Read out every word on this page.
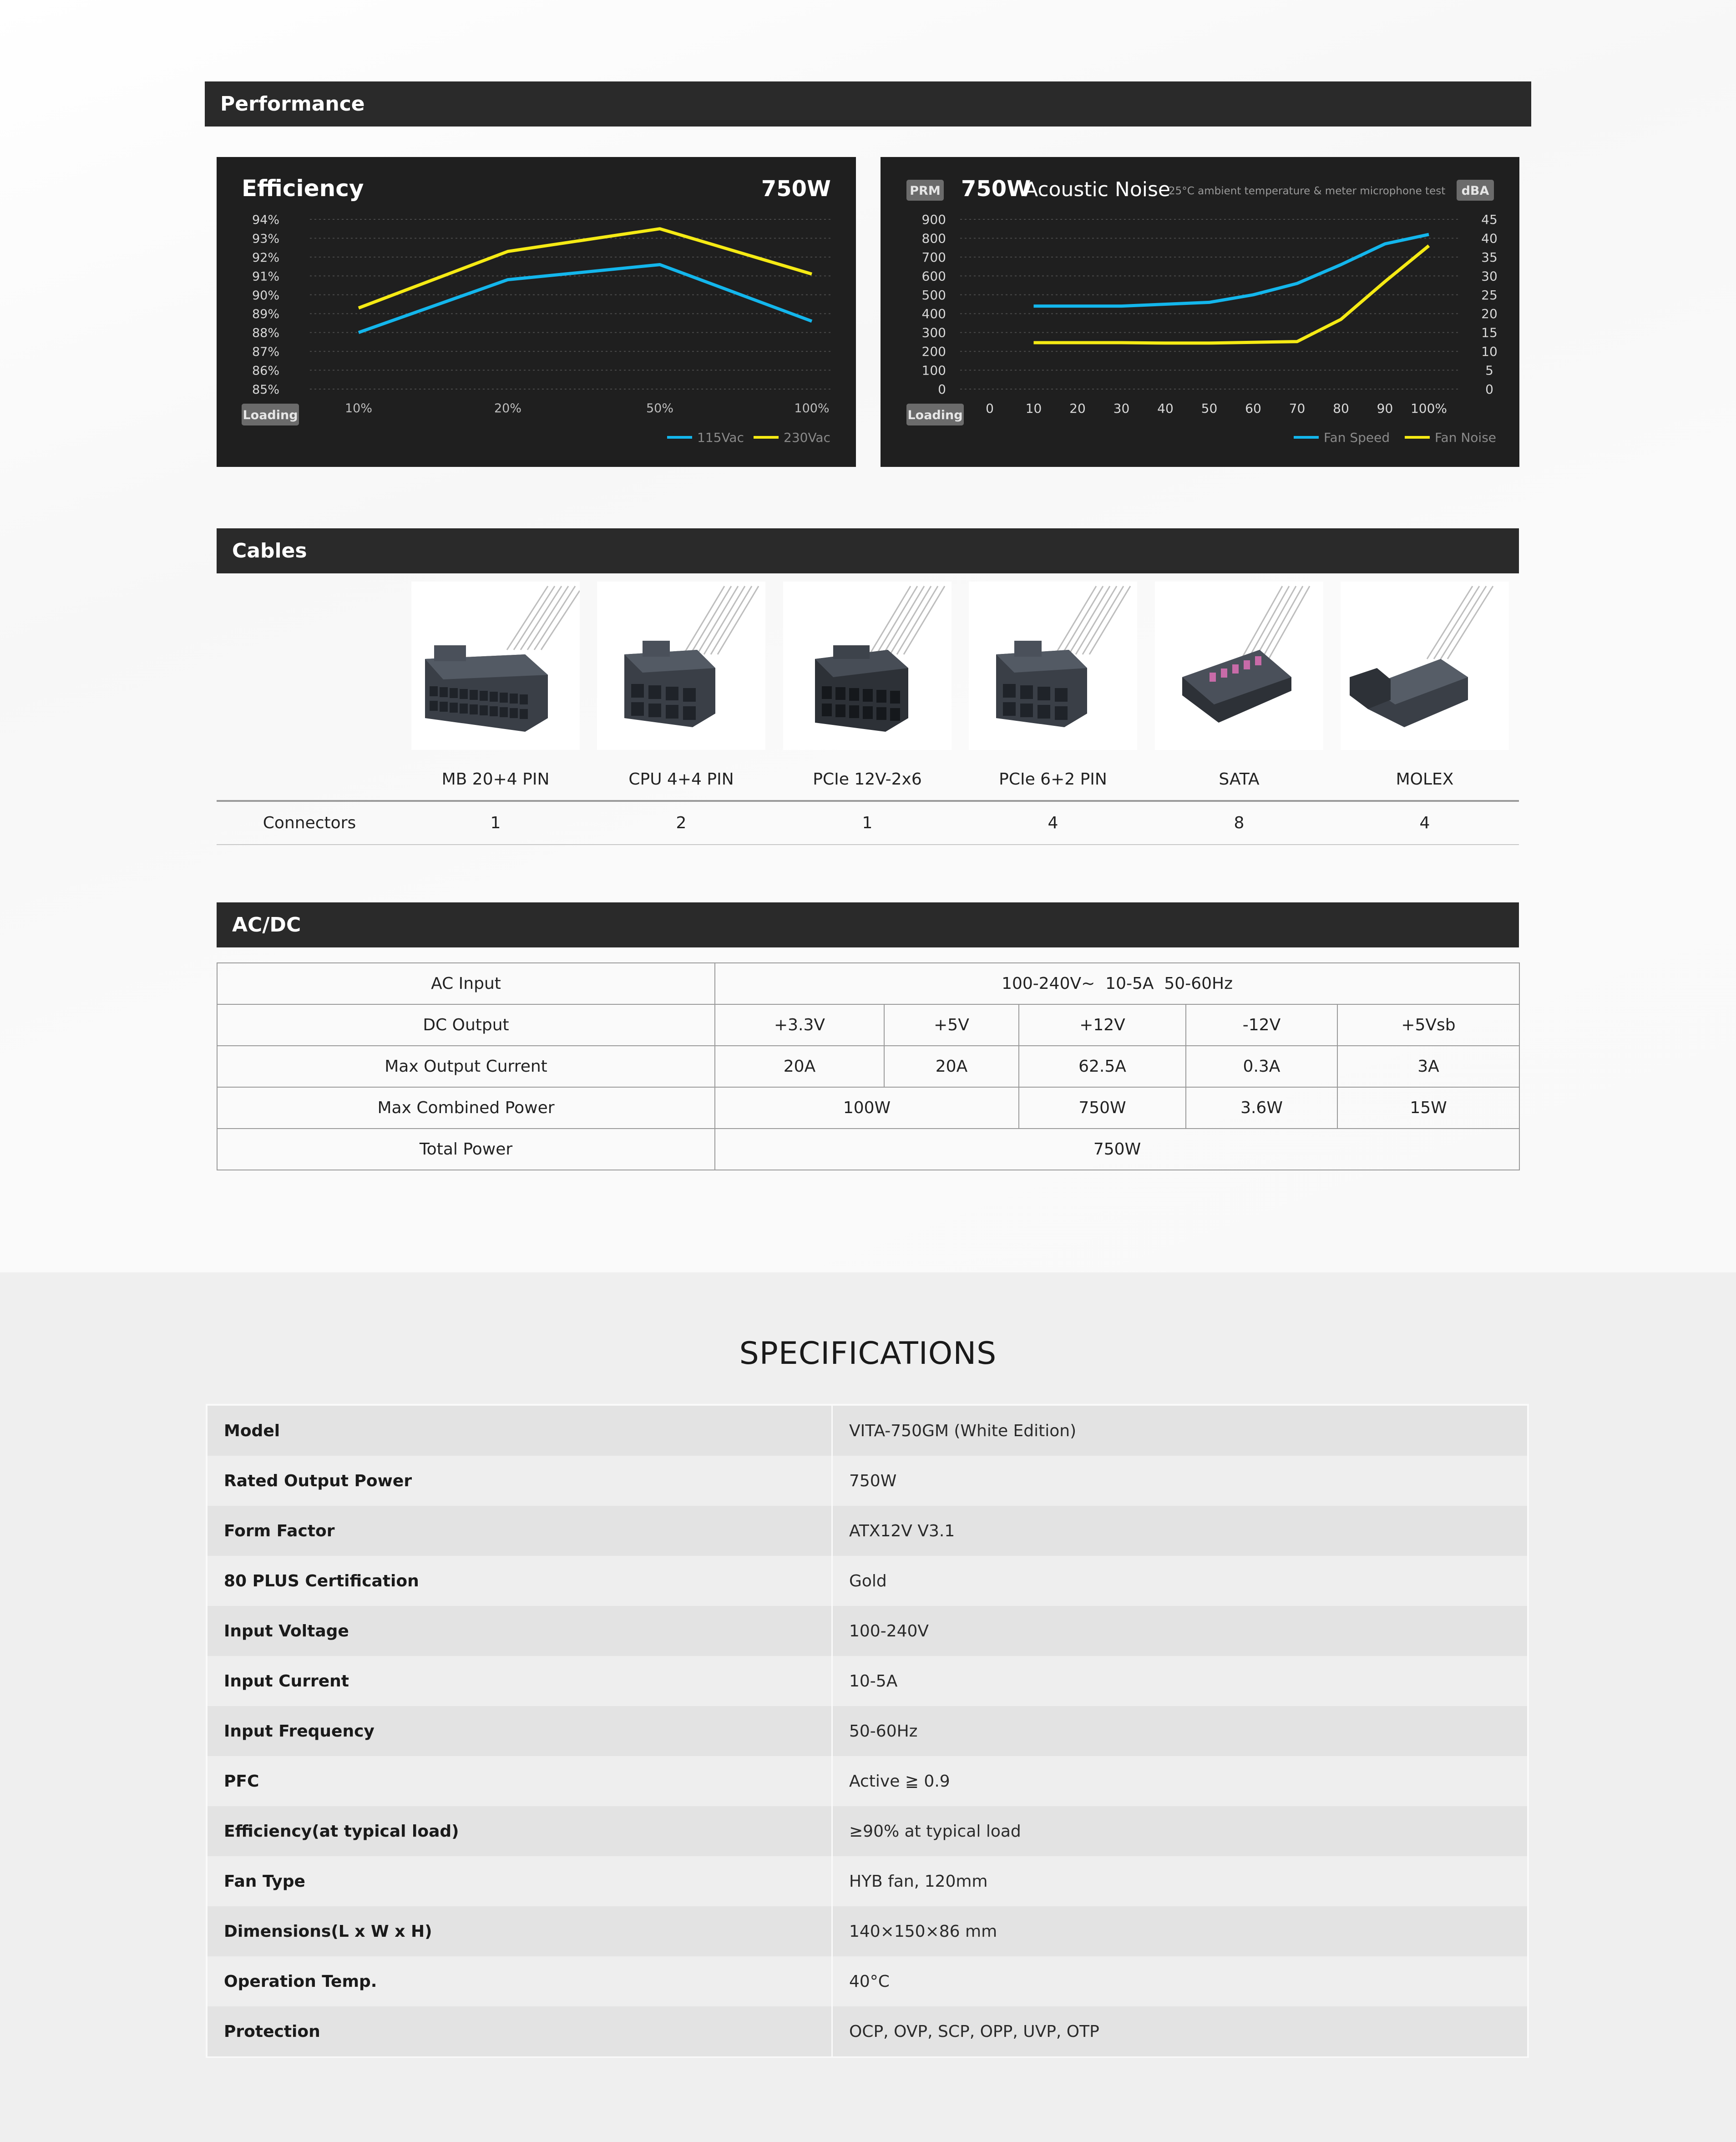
Performance
Efficiency	750W
94%
93%
92%
91%
90%
89%
88%
87%
86%
85%
10%	20%	50%	100%
Loading
115Vac	230Vac
PRM 750W
Acoustic Noise
25°C ambient temperature & meter microphone test dBA
900
800
700
600
500
400
300
200
100
0
45
40
35
30
25
20
15
10
5
0
0 10 20 30 40 50 60 70 80 90 100%
Loading
Fan Speed	Fan Noise
Cables
MB 20+4 PIN	CPU 4+4 PIN	PCIe 12V-2x6	PCIe 6+2 PIN	SATA	MOLEX
Connectors	1	2	1	4	8	4
AC/DC
AC Input	100-240V~  10-5A  50-60Hz				
DC Output	+3.3V	+5V	+12V	-12V	+5Vsb
Max Output Current	20A	20A	62.5A	0.3A	3A
Max Combined Power	100W		750W	3.6W	15W
Total Power	750W				
SPECIFICATIONS
Model	VITA-750GM (White Edition)
Rated Output Power	750W
Form Factor	ATX12V V3.1
80 PLUS Certification	Gold
Input Voltage	100-240V
Input Current	10-5A
Input Frequency	50-60Hz
PFC	Active ≧ 0.9
Efficiency(at typical load)	≥90% at typical load
Fan Type	HYB fan, 120mm
Dimensions(L x W x H)	140×150×86 mm
Operation Temp.	40°C
Protection	OCP, OVP, SCP, OPP, UVP, OTP
